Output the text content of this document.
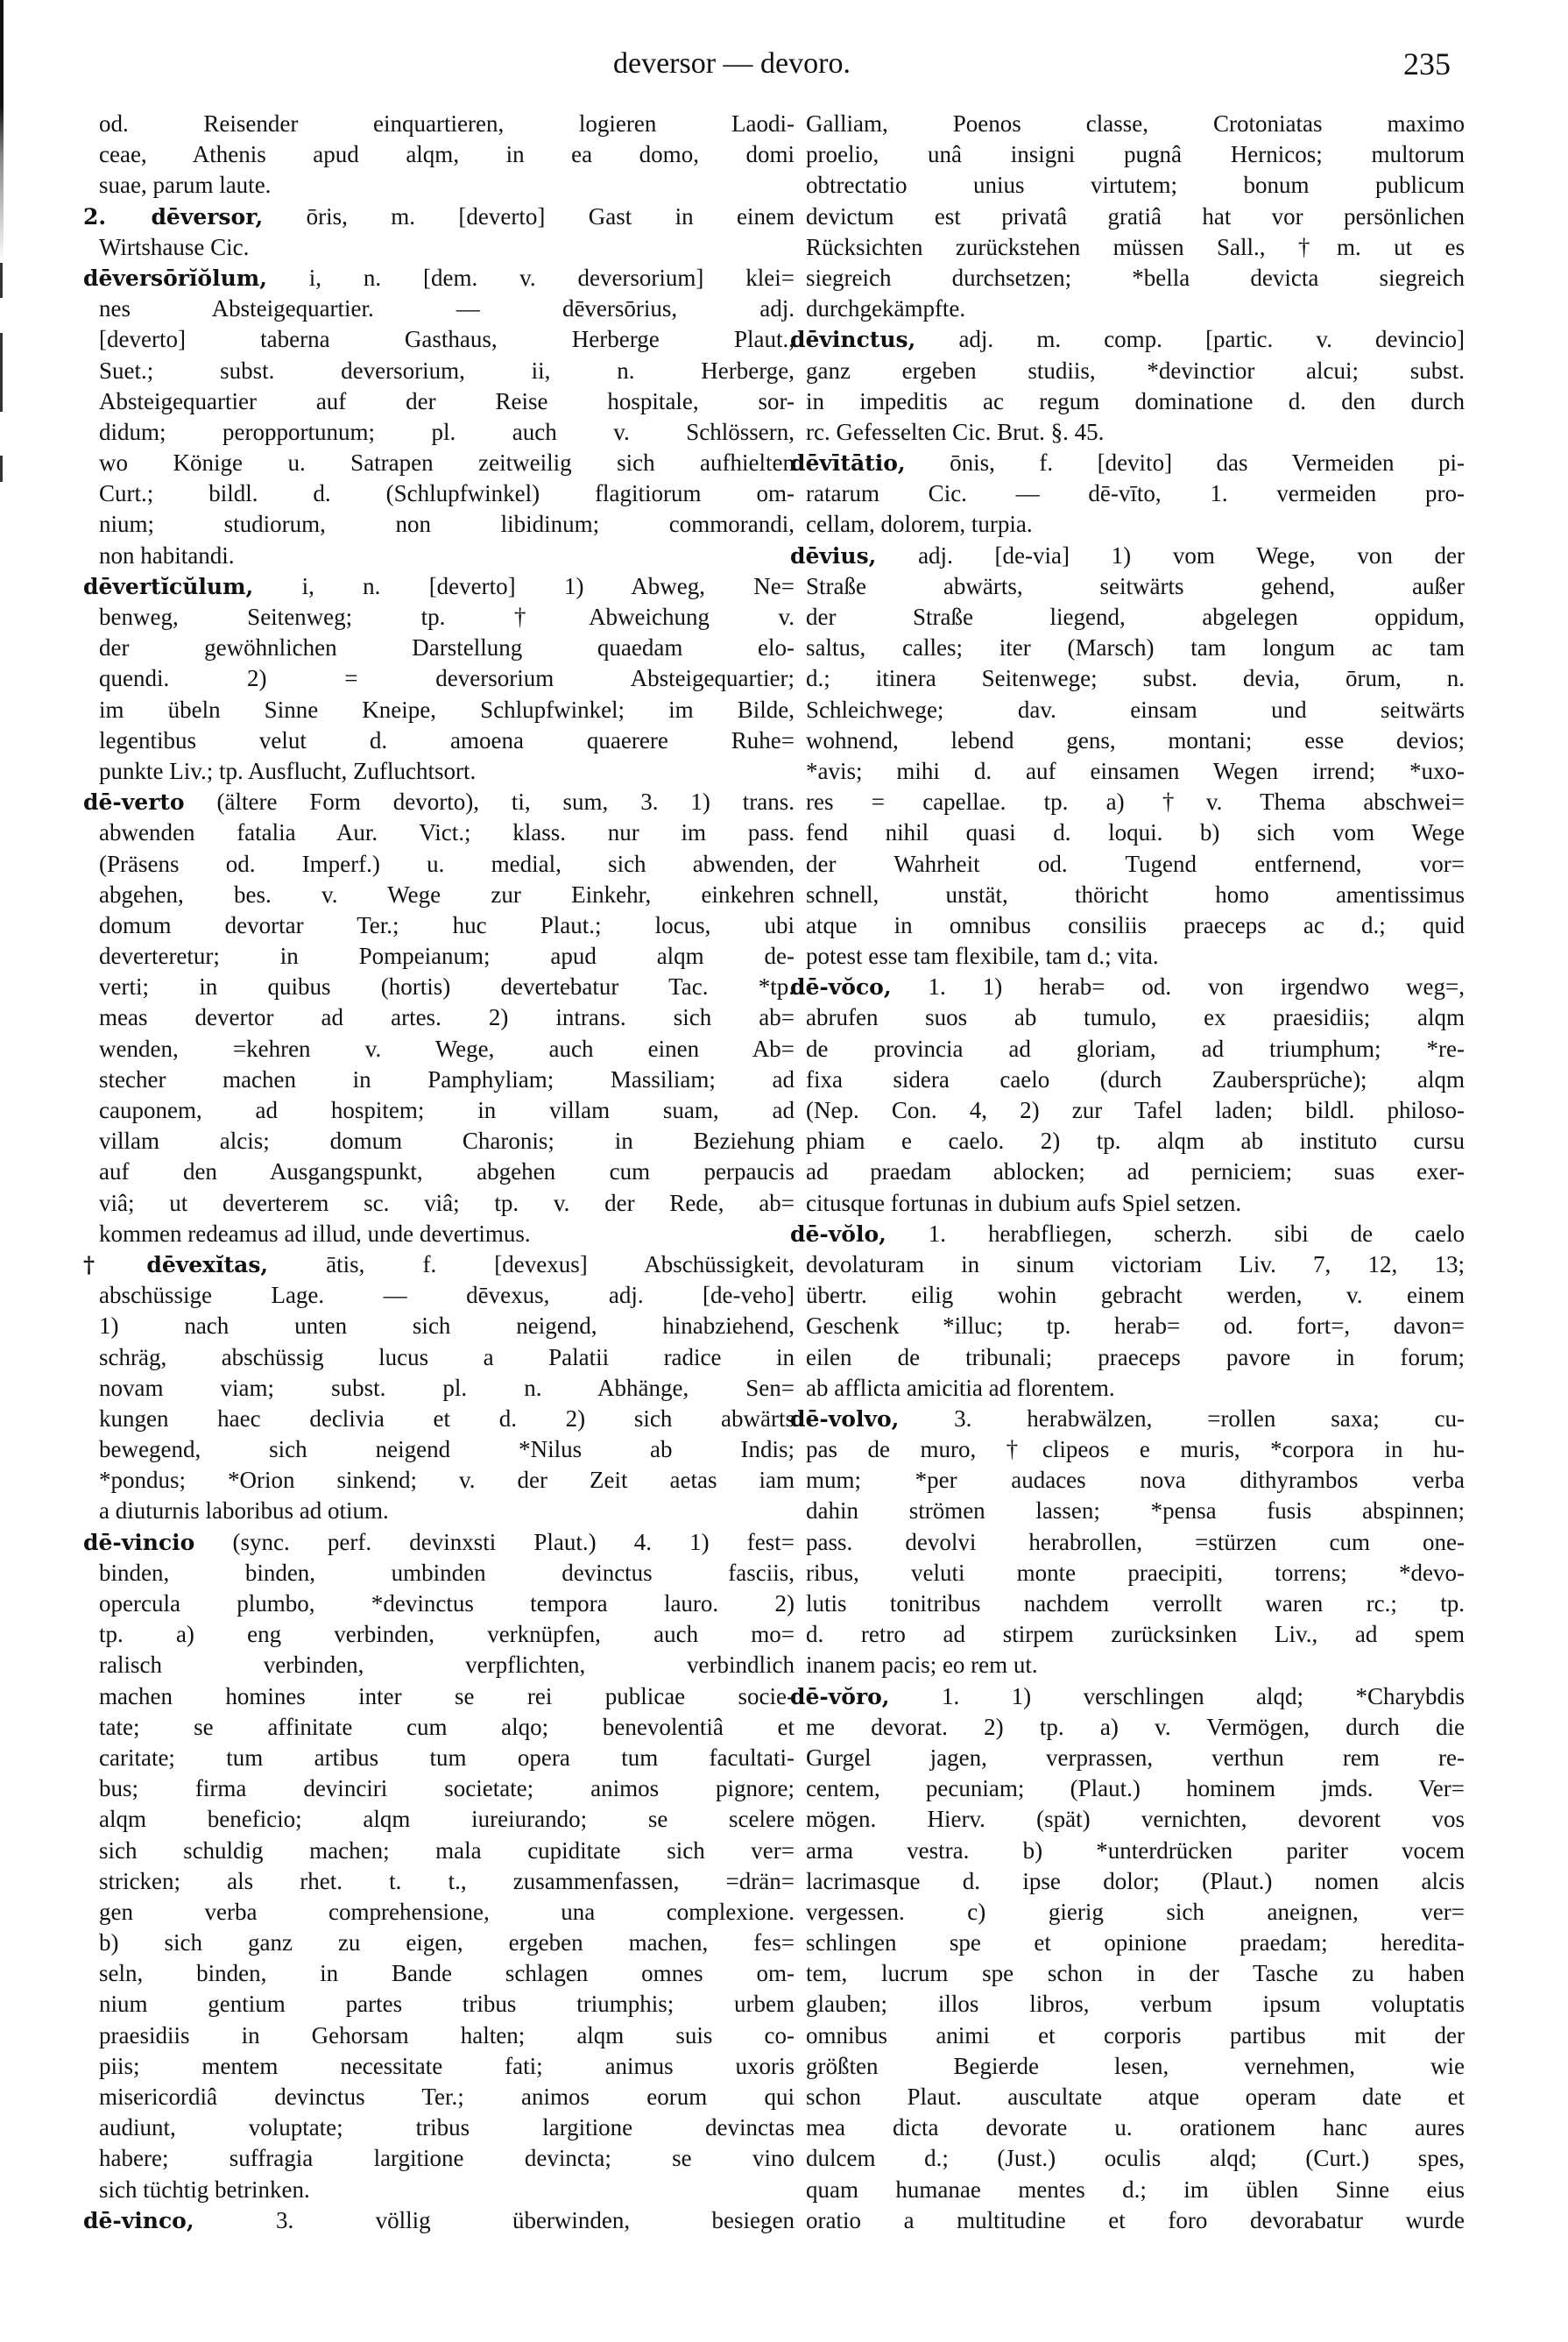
deversor — devoro.	235
od. Reisender einquartieren, logieren Laodi-
ceae, Athenis apud alqm, in ea domo, domi
suae, parum laute.
2. dēversor, ōris, m. [deverto] Gast in einem
Wirtshause Cic.
dēversōrĭŏlum, i, n. [dem. v. deversorium] klei=
nes Absteigequartier. — dēversōrius, adj.
[deverto] taberna Gasthaus, Herberge Plaut.,
Suet.; subst. deversorium, ii, n. Herberge,
Absteigequartier auf der Reise hospitale, sor-
didum; peropportunum; pl. auch v. Schlössern,
wo Könige u. Satrapen zeitweilig sich aufhielten
Curt.; bildl. d. (Schlupfwinkel) flagitiorum om-
nium; studiorum, non libidinum; commorandi,
non habitandi.
dēvertĭcŭlum, i, n. [deverto] 1) Abweg, Ne=
benweg, Seitenweg; tp. †Abweichung v.
der gewöhnlichen Darstellung quaedam elo-
quendi. 2) = deversorium Absteigequartier;
im übeln Sinne Kneipe, Schlupfwinkel; im Bilde,
legentibus velut d. amoena quaerere Ruhe=
punkte Liv.; tp. Ausflucht, Zufluchtsort.
dē-verto (ältere Form devorto), ti, sum, 3. 1) trans.
abwenden fatalia Aur. Vict.; klass. nur im pass.
(Präsens od. Imperf.) u. medial, sich abwenden,
abgehen, bes. v. Wege zur Einkehr, einkehren
domum devortar Ter.; huc Plaut.; locus, ubi
deverteretur; in Pompeianum; apud alqm de-
verti; in quibus (hortis) devertebatur Tac. *tp.
meas devertor ad artes. 2) intrans. sich ab=
wenden, =kehren v. Wege, auch einen Ab=
stecher machen in Pamphyliam; Massiliam; ad
cauponem, ad hospitem; in villam suam, ad
villam alcis; domum Charonis; in Beziehung
auf den Ausgangspunkt, abgehen cum perpaucis
viâ; ut deverterem sc. viâ; tp. v. der Rede, ab=
kommen redeamus ad illud, unde devertimus.
†dēvexĭtas, ātis, f. [devexus] Abschüssigkeit,
abschüssige Lage. — dēvexus, adj. [de-veho]
1) nach unten sich neigend, hinabziehend,
schräg, abschüssig lucus a Palatii radice in
novam viam; subst. pl. n. Abhänge, Sen=
kungen haec declivia et d. 2) sich abwärts
bewegend, sich neigend *Nilus ab Indis;
*pondus; *Orion sinkend; v. der Zeit aetas iam
a diuturnis laboribus ad otium.
dē-vincio (sync. perf. devinxsti Plaut.) 4. 1) fest=
binden, binden, umbinden devinctus fasciis,
opercula plumbo, *devinctus tempora lauro. 2)
tp. a) eng verbinden, verknüpfen, auch mo=
ralisch verbinden, verpflichten, verbindlich
machen homines inter se rei publicae socie-
tate; se affinitate cum alqo; benevolentiâ et
caritate; tum artibus tum opera tum facultati-
bus; firma devinciri societate; animos pignore;
alqm beneficio; alqm iureiurando; se scelere
sich schuldig machen; mala cupiditate sich ver=
stricken; als rhet. t. t., zusammenfassen, =drän=
gen verba comprehensione, una complexione.
b) sich ganz zu eigen, ergeben machen, fes=
seln, binden, in Bande schlagen omnes om-
nium gentium partes tribus triumphis; urbem
praesidiis in Gehorsam halten; alqm suis co-
piis; mentem necessitate fati; animus uxoris
misericordiâ devinctus Ter.; animos eorum qui
audiunt, voluptate; tribus largitione devinctas
habere; suffragia largitione devincta; se vino
sich tüchtig betrinken.
dē-vinco, 3. völlig überwinden, besiegen
Galliam, Poenos classe, Crotoniatas maximo
proelio, unâ insigni pugnâ Hernicos; multorum
obtrectatio unius virtutem; bonum publicum
devictum est privatâ gratiâ hat vor persönlichen
Rücksichten zurückstehen müssen Sall., †m. ut es
siegreich durchsetzen; *bella devicta siegreich
durchgekämpfte.
dēvinctus, adj. m. comp. [partic. v. devincio]
ganz ergeben studiis, *devinctior alcui; subst.
in impeditis ac regum dominatione d. den durch
rc. Gefesselten Cic. Brut. §. 45.
dēvītātio, ōnis, f. [devito] das Vermeiden pi-
ratarum Cic. — dē-vīto, 1. vermeiden pro-
cellam, dolorem, turpia.
dēvius, adj. [de-via] 1) vom Wege, von der
Straße abwärts, seitwärts gehend, außer
der Straße liegend, abgelegen oppidum,
saltus, calles; iter (Marsch) tam longum ac tam
d.; itinera Seitenwege; subst. devia, ōrum, n.
Schleichwege; dav. einsam und seitwärts
wohnend, lebend gens, montani; esse devios;
*avis; mihi d. auf einsamen Wegen irrend; *uxo-
res = capellae. tp. a) †v. Thema abschwei=
fend nihil quasi d. loqui. b) sich vom Wege
der Wahrheit od. Tugend entfernend, vor=
schnell, unstät, thöricht homo amentissimus
atque in omnibus consiliis praeceps ac d.; quid
potest esse tam flexibile, tam d.; vita.
dē-vŏco, 1. 1) herab= od. von irgendwo weg=,
abrufen suos ab tumulo, ex praesidiis; alqm
de provincia ad gloriam, ad triumphum; *re-
fixa sidera caelo (durch Zaubersprüche); alqm
(Nep. Con. 4, 2) zur Tafel laden; bildl. philoso-
phiam e caelo. 2) tp. alqm ab instituto cursu
ad praedam ablocken; ad perniciem; suas exer-
citusque fortunas in dubium aufs Spiel setzen.
dē-vŏlo, 1. herabfliegen, scherzh. sibi de caelo
devolaturam in sinum victoriam Liv. 7, 12, 13;
übertr. eilig wohin gebracht werden, v. einem
Geschenk *illuc; tp. herab= od. fort=, davon=
eilen de tribunali; praeceps pavore in forum;
ab afflicta amicitia ad florentem.
dē-volvo, 3. herabwälzen, =rollen saxa; cu-
pas de muro, †clipeos e muris, *corpora in hu-
mum; *per audaces nova dithyrambos verba
dahin strömen lassen; *pensa fusis abspinnen;
pass. devolvi herabrollen, =stürzen cum one-
ribus, veluti monte praecipiti, torrens; *devo-
lutis tonitribus nachdem verrollt waren rc.; tp.
d. retro ad stirpem zurücksinken Liv., ad spem
inanem pacis; eo rem ut.
dē-vŏro, 1. 1) verschlingen alqd; *Charybdis
me devorat. 2) tp. a) v. Vermögen, durch die
Gurgel jagen, verprassen, verthun rem re-
centem, pecuniam; (Plaut.) hominem jmds. Ver=
mögen. Hierv. (spät) vernichten, devorent vos
arma vestra. b) *unterdrücken pariter vocem
lacrimasque d. ipse dolor; (Plaut.) nomen alcis
vergessen. c) gierig sich aneignen, ver=
schlingen spe et opinione praedam; heredita-
tem, lucrum spe schon in der Tasche zu haben
glauben; illos libros, verbum ipsum voluptatis
omnibus animi et corporis partibus mit der
größten Begierde lesen, vernehmen, wie
schon Plaut. auscultate atque operam date et
mea dicta devorate u. orationem hanc aures
dulcem d.; (Just.) oculis alqd; (Curt.) spes,
quam humanae mentes d.; im üblen Sinne eius
oratio a multitudine et foro devorabatur wurde
